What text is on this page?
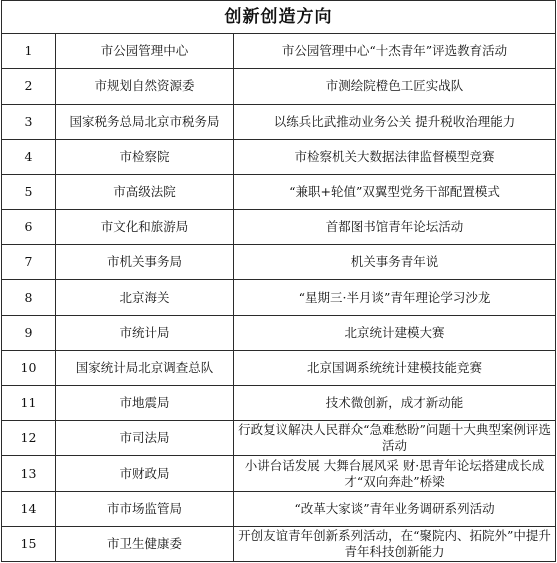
创新创造方向		
1	市公园管理中心	市公园管理中心“十杰青年”评选教育活动
2	市规划自然资源委	市测绘院橙色工匠实战队
3	国家税务总局北京市税务局	以练兵比武推动业务公关 提升税收治理能力
4	市检察院	市检察机关大数据法律监督模型竞赛
5	市高级法院	“兼职+轮值”双翼型党务干部配置模式
6	市文化和旅游局	首都图书馆青年论坛活动
7	市机关事务局	机关事务青年说
8	北京海关	“星期三·半月谈”青年理论学习沙龙
9	市统计局	北京统计建模大赛
10	国家统计局北京调查总队	北京国调系统统计建模技能竞赛
11	市地震局	技术微创新，成才新动能
12	市司法局	行政复议解决人民群众“急难愁盼”问题十大典型案例评选活动
13	市财政局	小讲台话发展 大舞台展风采 财·思青年论坛搭建成长成才“双向奔赴”桥梁
14	市市场监管局	“改革大家谈”青年业务调研系列活动
15	市卫生健康委	开创友谊青年创新系列活动，在“聚院内、拓院外”中提升青年科技创新能力
